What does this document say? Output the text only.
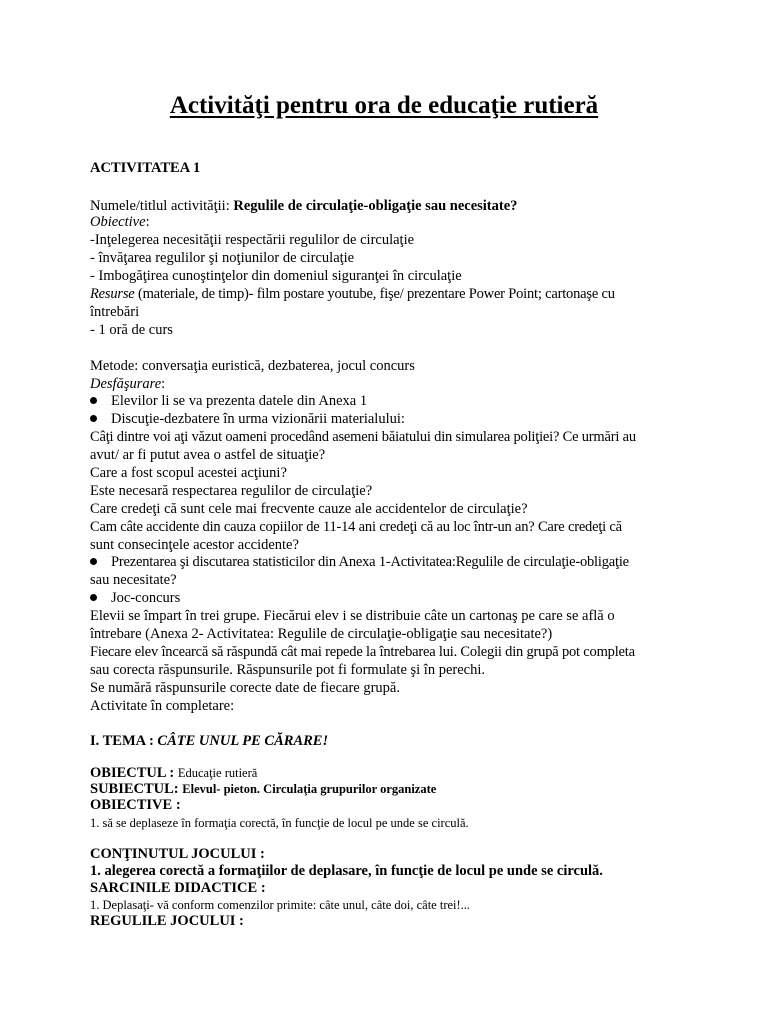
Activităţi pentru ora de educaţie rutieră
ACTIVITATEA 1
Numele/titlul activităţii: Regulile de circulaţie-obligaţie sau necesitate?
Obiective:
-Inţelegerea necesităţii respectării regulilor de circulaţie
- învăţarea regulilor şi noţiunilor de circulaţie
- Imbogăţirea cunoştinţelor din domeniul siguranţei în circulaţie
Resurse (materiale, de timp)- film postare youtube, fişe/ prezentare Power Point; cartonaşe cu
întrebări
- 1 oră de curs
Metode: conversaţia euristică, dezbaterea, jocul concurs
Desfăşurare:
Elevilor li se va prezenta datele din Anexa 1
Discuţie-dezbatere în urma vizionării materialului:
Câţi dintre voi aţi văzut oameni procedând asemeni băiatului din simularea poliţiei? Ce urmări au
avut/ ar fi putut avea o astfel de situaţie?
Care a fost scopul acestei acţiuni?
Este necesară respectarea regulilor de circulaţie?
Care credeţi că sunt cele mai frecvente cauze ale accidentelor de circulaţie?
Cam câte accidente din cauza copiilor de 11-14 ani credeţi că au loc într-un an? Care credeţi că
sunt consecinţele acestor accidente?
Prezentarea şi discutarea statisticilor din Anexa 1-Activitatea:Regulile de circulaţie-obligaţie
sau necesitate?
Joc-concurs
Elevii se împart în trei grupe. Fiecărui elev i se distribuie câte un cartonaş pe care se află o
întrebare (Anexa 2- Activitatea: Regulile de circulaţie-obligaţie sau necesitate?)
Fiecare elev încearcă să răspundă cât mai repede la întrebarea lui. Colegii din grupă pot completa
sau corecta răspunsurile. Răspunsurile pot fi formulate şi în perechi.
Se numără răspunsurile corecte date de fiecare grupă.
Activitate în completare:
I. TEMA : CÂTE UNUL PE CĂRARE!
OBIECTUL : Educaţie rutieră
SUBIECTUL: Elevul- pieton. Circulaţia grupurilor organizate
OBIECTIVE :
1. să se deplaseze în formaţia corectă, în funcţie de locul pe unde se circulă.
CONŢINUTUL JOCULUI :
1. alegerea corectă a formaţiilor de deplasare, în funcţie de locul pe unde se circulă.
SARCINILE DIDACTICE :
1. Deplasaţi- vă conform comenzilor primite: câte unul, câte doi, câte trei!...
REGULILE JOCULUI :
